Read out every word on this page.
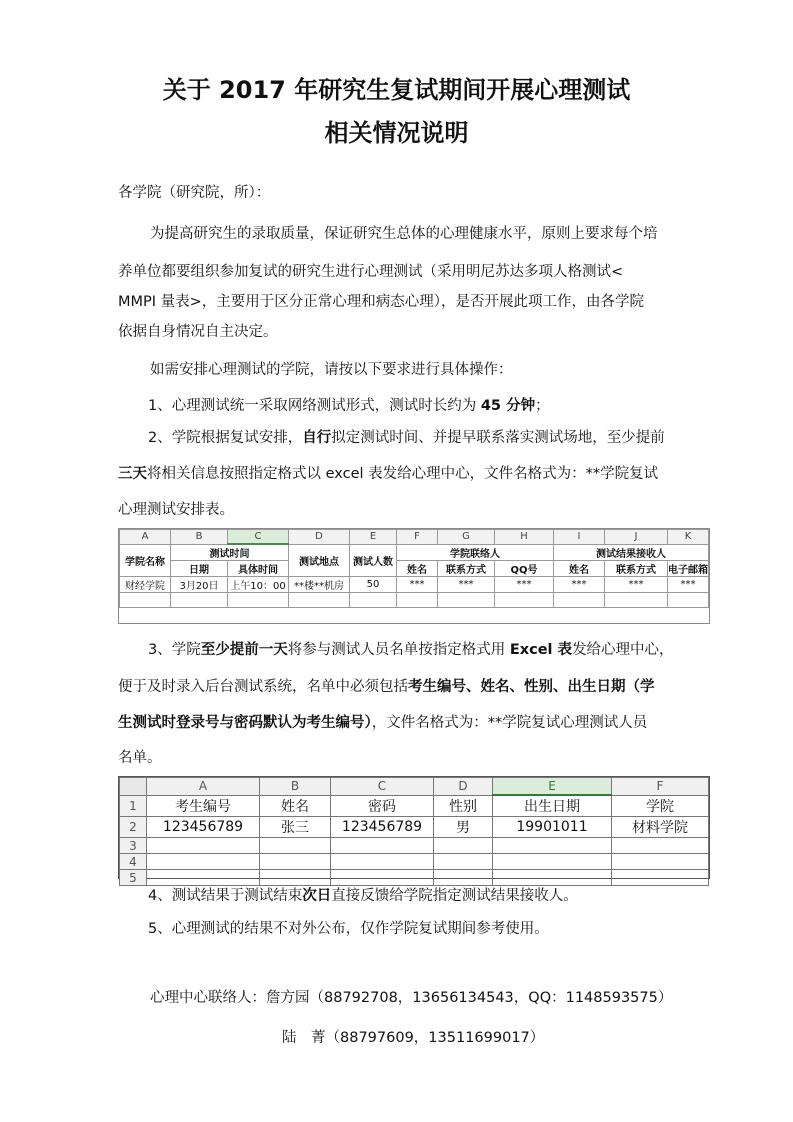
关于 2017 年研究生复试期间开展心理测试
相关情况说明
各学院（研究院，所）：
为提高研究生的录取质量，保证研究生总体的心理健康水平，原则上要求每个培
养单位都要组织参加复试的研究生进行心理测试（采用明尼苏达多项人格测试<
MMPI 量表>，主要用于区分正常心理和病态心理），是否开展此项工作，由各学院
依据自身情况自主决定。
如需安排心理测试的学院，请按以下要求进行具体操作：
1、心理测试统一采取网络测试形式，测试时长约为 45 分钟；
2、学院根据复试安排，自行拟定测试时间、并提早联系落实测试场地，至少提前
三天将相关信息按照指定格式以 excel 表发给心理中心，文件名格式为：**学院复试
心理测试安排表。
A	B	C	D	E	F	G	H	I	J	K
学院名称	测试时间		测试地点	测试人数	学院联络人			测试结果接收人		
	日期	具体时间			姓名	联系方式	QQ号	姓名	联系方式	电子邮箱
财经学院	3月20日	上午10：00	**楼**机房	50	***	***	***	***	***	***

3、学院至少提前一天将参与测试人员名单按指定格式用 Excel 表发给心理中心，
便于及时录入后台测试系统，名单中必须包括考生编号、姓名、性别、出生日期（学
生测试时登录号与密码默认为考生编号），文件名格式为：**学院复试心理测试人员
名单。
	A	B	C	D	E	F
1	考生编号	姓名	密码	性别	出生日期	学院
2	123456789	张三	123456789	男	19901011	材料学院
3						
4						
5						
4、测试结果于测试结束次日直接反馈给学院指定测试结果接收人。
5、心理测试的结果不对外公布，仅作学院复试期间参考使用。
心理中心联络人：詹方园（88792708，13656134543，QQ：1148593575）
陆　菁（88797609，13511699017）
